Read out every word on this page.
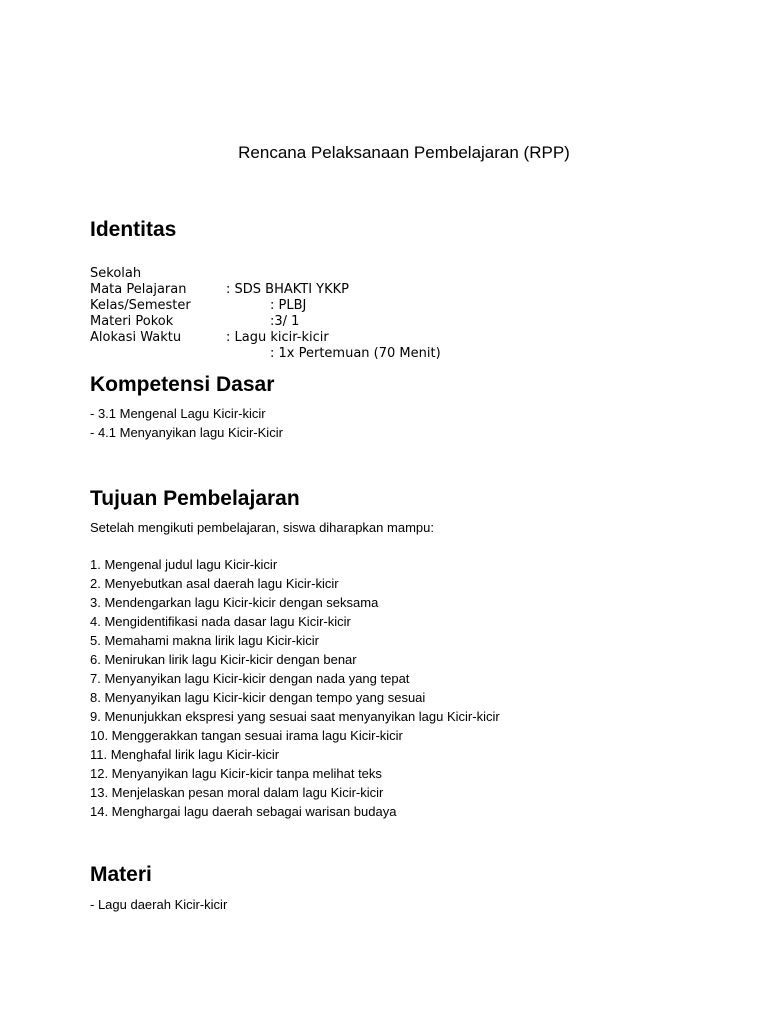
Rencana Pelaksanaan Pembelajaran (RPP)
Identitas

Sekolah

: SDS BHAKTI YKKP

Mata Pelajaran

: PLBJ

Kelas/Semester

:3/ 1

Materi Pokok

: Lagu kicir-kicir

Alokasi Waktu

: 1x Pertemuan (70 Menit)

Kompetensi Dasar
- 3.1 Mengenal Lagu Kicir-kicir
- 4.1 Menyanyikan lagu Kicir-Kicir
Tujuan Pembelajaran

Setelah mengikuti pembelajaran, siswa diharapkan mampu:

1. Mengenal judul lagu Kicir-kicir
2. Menyebutkan asal daerah lagu Kicir-kicir
3. Mendengarkan lagu Kicir-kicir dengan seksama
4. Mengidentifikasi nada dasar lagu Kicir-kicir
5. Memahami makna lirik lagu Kicir-kicir
6. Menirukan lirik lagu Kicir-kicir dengan benar
7. Menyanyikan lagu Kicir-kicir dengan nada yang tepat
8. Menyanyikan lagu Kicir-kicir dengan tempo yang sesuai
9. Menunjukkan ekspresi yang sesuai saat menyanyikan lagu Kicir-kicir
10. Menggerakkan tangan sesuai irama lagu Kicir-kicir
11. Menghafal lirik lagu Kicir-kicir
12. Menyanyikan lagu Kicir-kicir tanpa melihat teks
13. Menjelaskan pesan moral dalam lagu Kicir-kicir
14. Menghargai lagu daerah sebagai warisan budaya
Materi
- Lagu daerah Kicir-kicir
